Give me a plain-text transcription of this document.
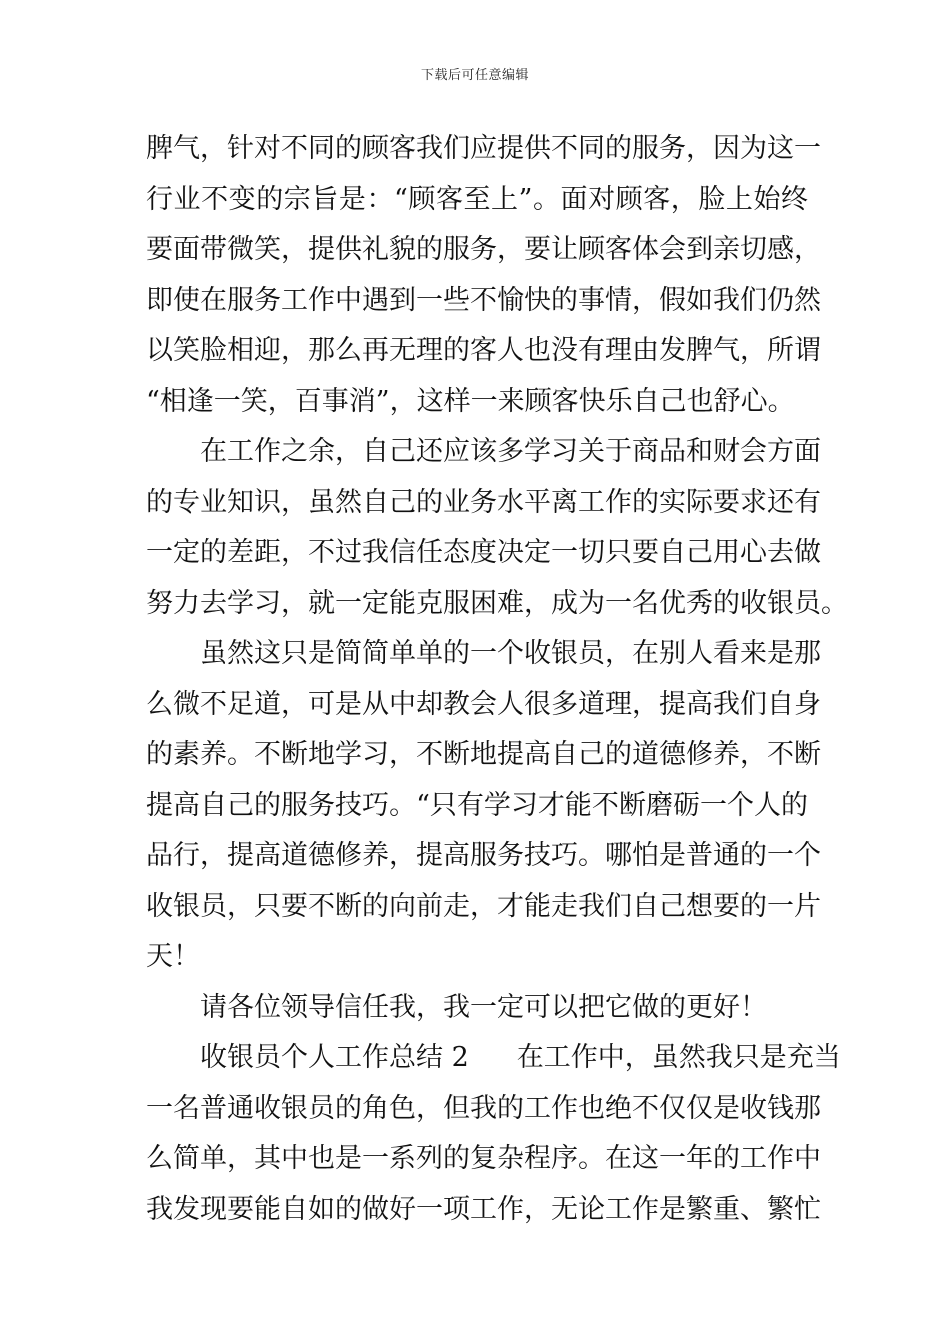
下载后可任意编辑
脾气，针对不同的顾客我们应提供不同的服务，因为这一
行业不变的宗旨是：“顾客至上”。面对顾客，脸上始终
要面带微笑，提供礼貌的服务，要让顾客体会到亲切感，
即使在服务工作中遇到一些不愉快的事情，假如我们仍然
以笑脸相迎，那么再无理的客人也没有理由发脾气，所谓
“相逢一笑，百事消”，这样一来顾客快乐自己也舒心。
在工作之余，自己还应该多学习关于商品和财会方面
的专业知识，虽然自己的业务水平离工作的实际要求还有
一定的差距，不过我信任态度决定一切只要自己用心去做
努力去学习，就一定能克服困难，成为一名优秀的收银员。
虽然这只是简简单单的一个收银员，在别人看来是那
么微不足道，可是从中却教会人很多道理，提高我们自身
的素养。不断地学习，不断地提高自己的道德修养，不断
提高自己的服务技巧。“只有学习才能不断磨砺一个人的
品行，提高道德修养，提高服务技巧。哪怕是普通的一个
收银员，只要不断的向前走，才能走我们自己想要的一片
天！
请各位领导信任我，我一定可以把它做的更好！
收银员个人工作总结 2 在工作中，虽然我只是充当
一名普通收银员的角色，但我的工作也绝不仅仅是收钱那
么简单，其中也是一系列的复杂程序。在这一年的工作中
我发现要能自如的做好一项工作，无论工作是繁重、繁忙
